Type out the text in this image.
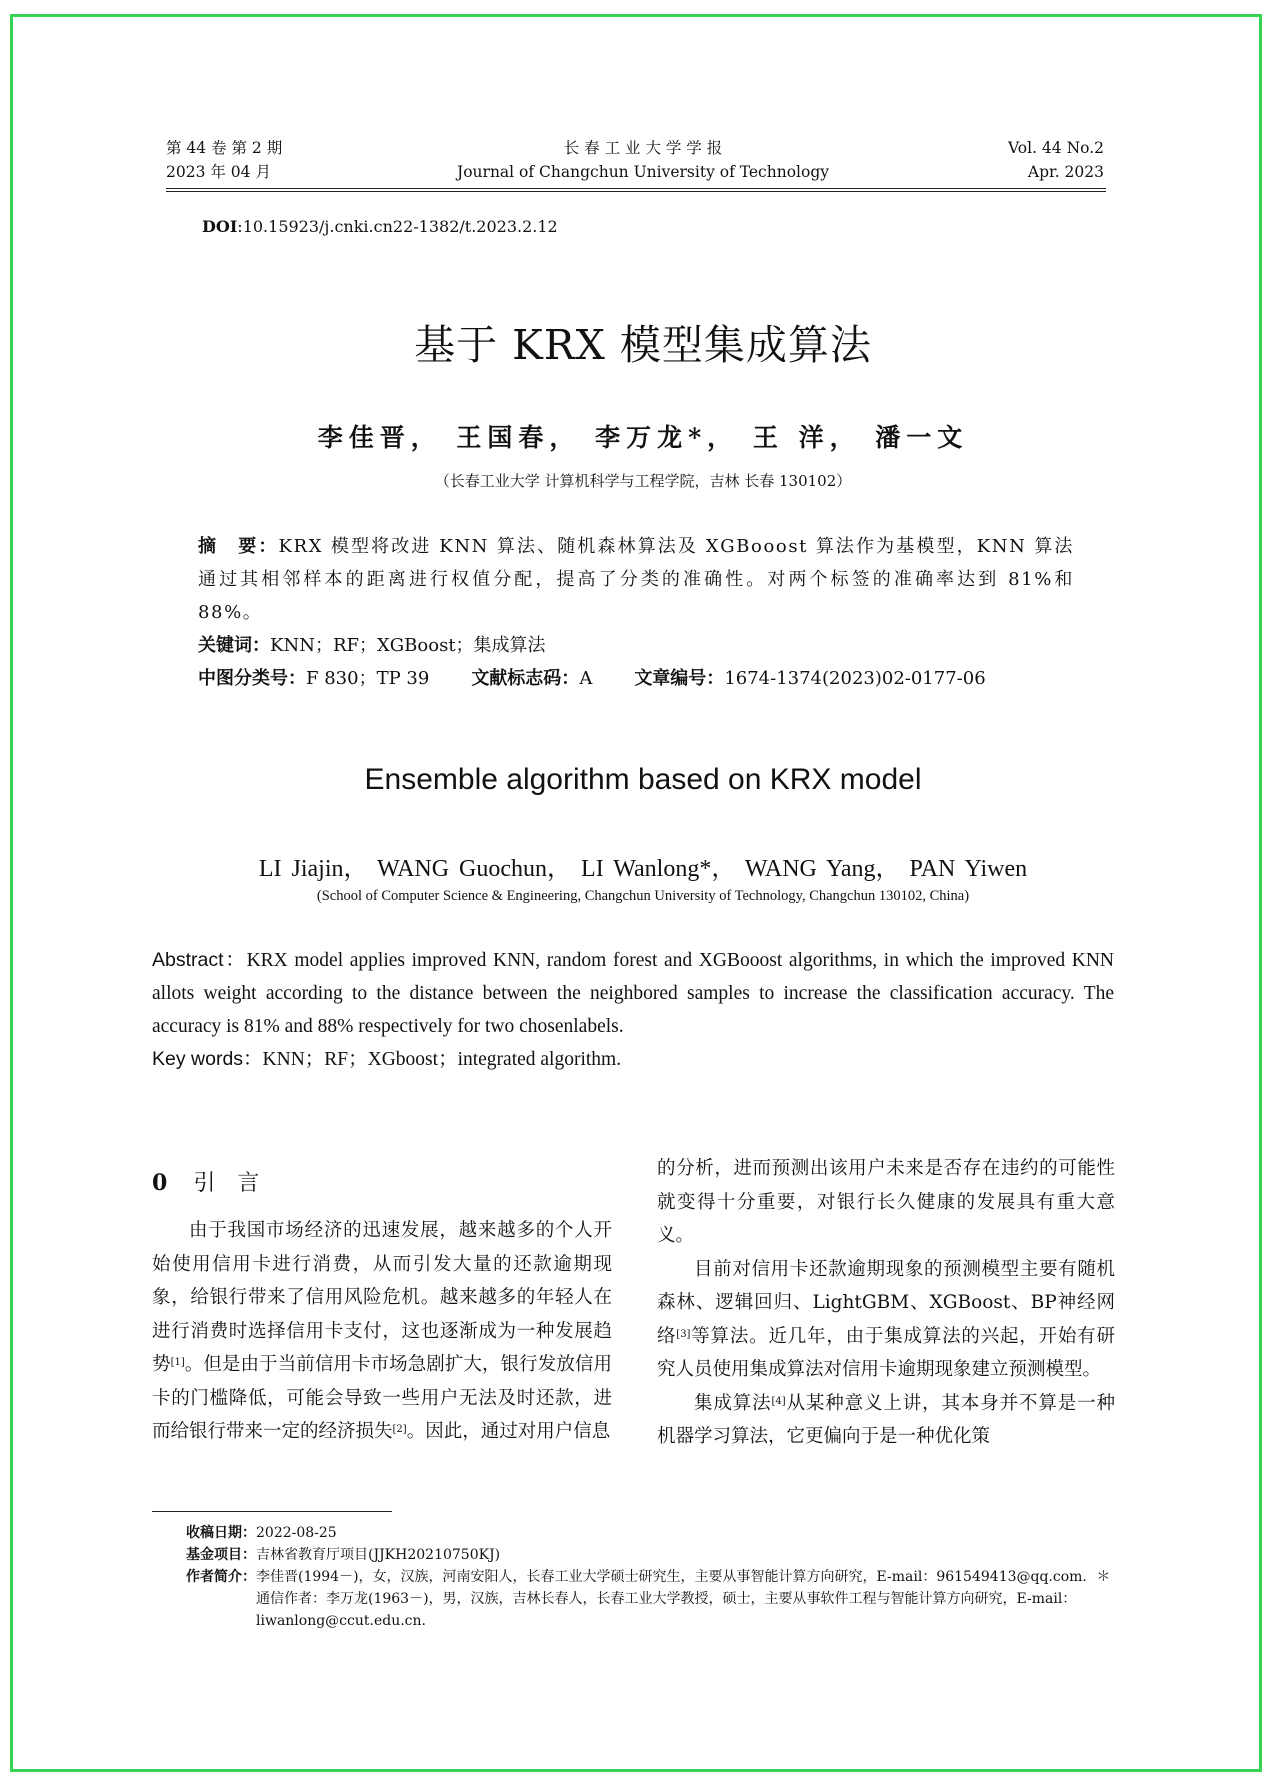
第 44 卷 第 2 期
2023 年 04 月
长 春 工 业 大 学 学 报
Journal of Changchun University of Technology
Vol. 44 No.2
Apr. 2023
DOI:10.15923/j.cnki.cn22-1382/t.2023.2.12
基于 KRX 模型集成算法
李佳晋， 王国春， 李万龙*， 王 洋， 潘一文
（长春工业大学 计算机科学与工程学院，吉林 长春 130102）
摘　要：KRX 模型将改进 KNN 算法、随机森林算法及 XGBooost 算法作为基模型，KNN 算法通过其相邻样本的距离进行权值分配，提高了分类的准确性。对两个标签的准确率达到 81%和 88%。
关键词：KNN；RF；XGBoost；集成算法
中图分类号：F 830；TP 39 文献标志码：A 文章编号：1674-1374(2023)02-0177-06
Ensemble algorithm based on KRX model
LI Jiajin， WANG Guochun， LI Wanlong*， WANG Yang， PAN Yiwen
(School of Computer Science & Engineering, Changchun University of Technology, Changchun 130102, China)
Abstract：KRX model applies improved KNN, random forest and XGBooost algorithms, in which the improved KNN allots weight according to the distance between the neighbored samples to increase the classification accuracy. The accuracy is 81% and 88% respectively for two chosenlabels.
Key words：KNN；RF；XGboost；integrated algorithm.
0 引言

由于我国市场经济的迅速发展，越来越多的个人开始使用信用卡进行消费，从而引发大量的还款逾期现象，给银行带来了信用风险危机。越来越多的年轻人在进行消费时选择信用卡支付，这也逐渐成为一种发展趋势[1]。但是由于当前信用卡市场急剧扩大，银行发放信用卡的门槛降低，可能会导致一些用户无法及时还款，进而给银行带来一定的经济损失[2]。因此，通过对用户信息

的分析，进而预测出该用户未来是否存在违约的可能性就变得十分重要，对银行长久健康的发展具有重大意义。

目前对信用卡还款逾期现象的预测模型主要有随机森林、逻辑回归、LightGBM、XGBoost、BP神经网络[3]等算法。近几年，由于集成算法的兴起，开始有研究人员使用集成算法对信用卡逾期现象建立预测模型。

集成算法[4]从某种意义上讲，其本身并不算是一种机器学习算法，它更偏向于是一种优化策

收稿日期： 2022-08-25
基金项目： 吉林省教育厅项目(JJKH20210750KJ)
作者简介： 李佳晋(1994－)，女，汉族，河南安阳人，长春工业大学硕士研究生，主要从事智能计算方向研究，E-mail：961549413@qq.com．＊通信作者：李万龙(1963－)，男，汉族，吉林长春人，长春工业大学教授，硕士，主要从事软件工程与智能计算方向研究，E-mail：liwanlong@ccut.edu.cn.
